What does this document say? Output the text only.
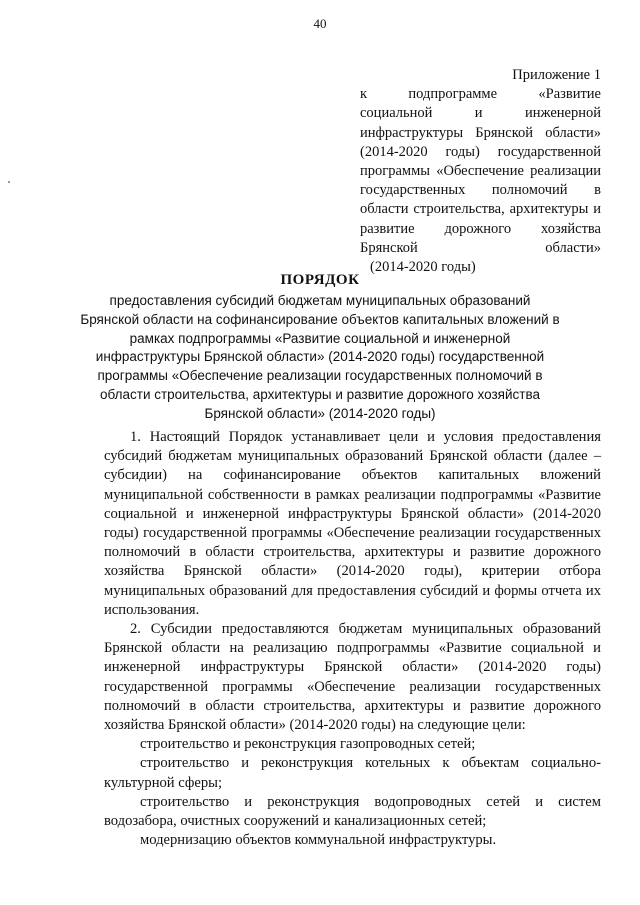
40
Приложение 1
к подпрограмме «Развитие социальной и инженерной инфраструктуры Брянской области» (2014-2020 годы) государственной программы «Обеспечение реализации государственных полномочий в области строительства, архитектуры и развитие дорожного хозяйства Брянской области»
(2014-2020 годы)
ПОРЯДОК
предоставления субсидий бюджетам муниципальных образований Брянской области на софинансирование объектов капитальных вложений в рамках подпрограммы «Развитие социальной и инженерной инфраструктуры Брянской области» (2014-2020 годы) государственной программы «Обеспечение реализации государственных полномочий в области строительства, архитектуры и развитие дорожного хозяйства Брянской области» (2014-2020 годы)

1. Настоящий Порядок устанавливает цели и условия предоставления субсидий бюджетам муниципальных образований Брянской области (далее – субсидии) на софинансирование объектов капитальных вложений муниципальной собственности в рамках реализации подпрограммы «Развитие социальной и инженерной инфраструктуры Брянской области» (2014-2020 годы) государственной программы «Обеспечение реализации государственных полномочий в области строительства, архитектуры и развитие дорожного хозяйства Брянской области» (2014-2020 годы), критерии отбора муниципальных образований для предоставления субсидий и формы отчета их использования.

2. Субсидии предоставляются бюджетам муниципальных образований Брянской области на реализацию подпрограммы «Развитие социальной и инженерной инфраструктуры Брянской области» (2014-2020 годы) государственной программы «Обеспечение реализации государственных полномочий в области строительства, архитектуры и развитие дорожного хозяйства Брянской области» (2014-2020 годы) на следующие цели:

строительство и реконструкция газопроводных сетей;

строительство и реконструкция котельных к объектам социально-культурной сферы;

строительство и реконструкция водопроводных сетей и систем водозабора, очистных сооружений и канализационных сетей;

модернизацию объектов коммунальной инфраструктуры.
